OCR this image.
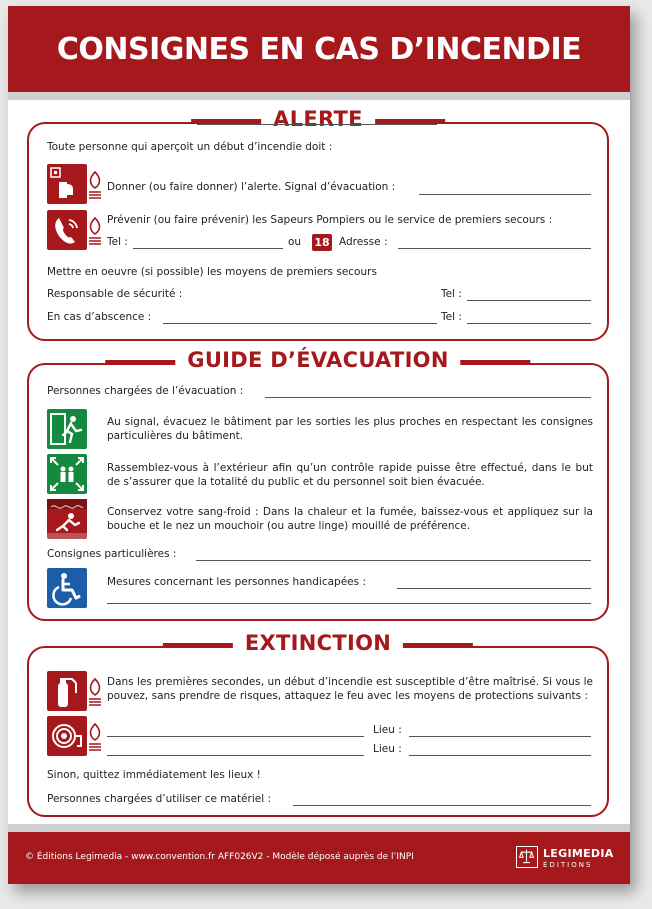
CONSIGNES EN CAS D’INCENDIE
ALERTE
Toute personne qui aperçoit un début d’incendie doit :
Donner (ou faire donner) l’alerte. Signal d’évacuation :
Prévenir (ou faire prévenir) les Sapeurs Pompiers ou le service de premiers secours :
Tel :	ou 18 Adresse :
Mettre en oeuvre (si possible) les moyens de premiers secours
Responsable de sécurité :	Tel :
En cas d’abscence :	Tel :
GUIDE D’ÉVACUATION
Personnes chargées de l’évacuation :
Au signal, évacuez le bâtiment par les sorties les plus proches en respectant les consignes particulières du bâtiment.
Rassemblez-vous à l’extérieur afin qu’un contrôle rapide puisse être effectué, dans le but de s’assurer que la totalité du public et du personnel soit bien évacuée.
Conservez votre sang-froid : Dans la chaleur et la fumée, baissez-vous et appliquez sur la bouche et le nez un mouchoir (ou autre linge) mouillé de préférence.
Consignes particulières :
Mesures concernant les personnes handicapées :
EXTINCTION
Dans les premières secondes, un début d’incendie est susceptible d’être maîtrisé. Si vous le pouvez, sans prendre de risques, attaquez le feu avec les moyens de protections suivants :
Lieu :
Lieu :
Sinon, quittez immédiatement les lieux !
Personnes chargées d’utiliser ce matériel :
© Éditions Legimedia - www.convention.fr AFF026V2 - Modèle déposé auprès de l’INPI	LEGIMEDIA
ÉDITIONS
